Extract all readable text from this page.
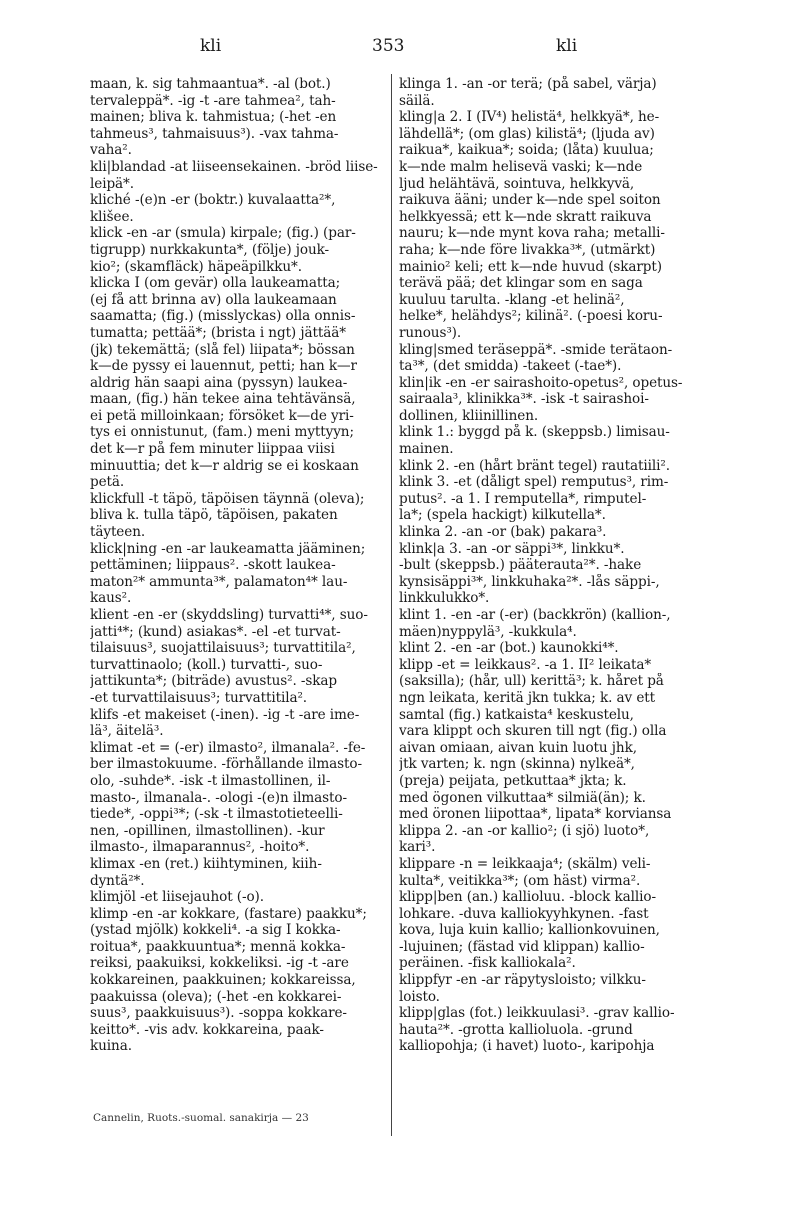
kli	353	kli
maan, k. sig tahmaantua*. -al (bot.)
tervaleppä*. -ig -t -are tahmea², tah-
mainen; bliva k. tahmistua; (-het -en
tahmeus³, tahmaisuus³). -vax tahma-
vaha².
kli|blandad -at liiseensekainen. -bröd liise-
leipä*.
kliché -(e)n -er (boktr.) kuvalaatta²*,
klišee.
klick -en -ar (smula) kirpale; (fig.) (par-
tigrupp) nurkkakunta*, (följe) jouk-
kio²; (skamfläck) häpeäpilkku*.
klicka I (om gevär) olla laukeamatta;
(ej få att brinna av) olla laukeamaan
saamatta; (fig.) (misslyckas) olla onnis-
tumatta; pettää*; (brista i ngt) jättää*
(jk) tekemättä; (slå fel) liipata*; bössan
k—de pyssy ei lauennut, petti; han k—r
aldrig hän saapi aina (pyssyn) laukea-
maan, (fig.) hän tekee aina tehtävänsä,
ei petä milloinkaan; försöket k—de yri-
tys ei onnistunut, (fam.) meni myttyyn;
det k—r på fem minuter liippaa viisi
minuuttia; det k—r aldrig se ei koskaan
petä.
klickfull -t täpö, täpöisen täynnä (oleva);
bliva k. tulla täpö, täpöisen, pakaten
täyteen.
klick|ning -en -ar laukeamatta jääminen;
pettäminen; liippaus². -skott laukea-
maton²* ammunta³*, palamaton⁴* lau-
kaus².
klient -en -er (skyddsling) turvatti⁴*, suo-
jatti⁴*; (kund) asiakas*. -el -et turvat-
tilaisuus³, suojattilaisuus³; turvattitila²,
turvattinaolo; (koll.) turvatti-, suo-
jattikunta*; (biträde) avustus². -skap
-et turvattilaisuus³; turvattitila².
klifs -et makeiset (-inen). -ig -t -are ime-
lä³, äitelä³.
klimat -et = (-er) ilmasto², ilmanala². -fe-
ber ilmastokuume. -förhållande ilmasto-
olo, -suhde*. -isk -t ilmastollinen, il-
masto-, ilmanala-. -ologi -(e)n ilmasto-
tiede*, -oppi³*; (-sk -t ilmastotieteelli-
nen, -opillinen, ilmastollinen). -kur
ilmasto-, ilmaparannus², -hoito*.
klimax -en (ret.) kiihtyminen, kiih-
dyntä²*.
klimjöl -et liisejauhot (-o).
klimp -en -ar kokkare, (fastare) paakku*;
(ystad mjölk) kokkeli⁴. -a sig I kokka-
roitua*, paakkuuntua*; mennä kokka-
reiksi, paakuiksi, kokkeliksi. -ig -t -are
kokkareinen, paakkuinen; kokkareissa,
paakuissa (oleva); (-het -en kokkarei-
suus³, paakkuisuus³). -soppa kokkare-
keitto*. -vis adv. kokkareina, paak-
kuina.
klinga 1. -an -or terä; (på sabel, värja)
säilä.
kling|a 2. I (IV⁴) helistä⁴, helkkyä*, he-
lähdellä*; (om glas) kilistä⁴; (ljuda av)
raikua*, kaikua*; soida; (låta) kuulua;
k—nde malm helisevä vaski; k—nde
ljud helähtävä, sointuva, helkkyvä,
raikuva ääni; under k—nde spel soiton
helkkyessä; ett k—nde skratt raikuva
nauru; k—nde mynt kova raha; metalli-
raha; k—nde före livakka³*, (utmärkt)
mainio² keli; ett k—nde huvud (skarpt)
terävä pää; det klingar som en saga
kuuluu tarulta. -klang -et helinä²,
helke*, helähdys²; kilinä². (-poesi koru-
runous³).
kling|smed teräseppä*. -smide terätaon-
ta³*, (det smidda) -takeet (-tae*).
klin|ik -en -er sairashoito-opetus², opetus-
sairaala³, klinikka³*. -isk -t sairashoi-
dollinen, kliinillinen.
klink 1.: byggd på k. (skeppsb.) limisau-
mainen.
klink 2. -en (hårt bränt tegel) rautatiili².
klink 3. -et (dåligt spel) remputus³, rim-
putus². -a 1. I remputella*, rimputel-
la*; (spela hackigt) kilkutella*.
klinka 2. -an -or (bak) pakara³.
klink|a 3. -an -or säppi³*, linkku*.
-bult (skeppsb.) pääterauta²*. -hake
kynsisäppi³*, linkkuhaka²*. -lås säppi-,
linkkulukko*.
klint 1. -en -ar (-er) (backkrön) (kallion-,
mäen)nyppylä³, -kukkula⁴.
klint 2. -en -ar (bot.) kaunokki⁴*.
klipp -et = leikkaus². -a 1. II² leikata*
(saksilla); (hår, ull) kerittä³; k. håret på
ngn leikata, keritä jkn tukka; k. av ett
samtal (fig.) katkaista⁴ keskustelu,
vara klippt och skuren till ngt (fig.) olla
aivan omiaan, aivan kuin luotu jhk,
jtk varten; k. ngn (skinna) nylkeä*,
(preja) peijata, petkuttaa* jkta; k.
med ögonen vilkuttaa* silmiä(än); k.
med öronen liipottaa*, lipata* korviansa
klippa 2. -an -or kallio²; (i sjö) luoto*,
kari³.
klippare -n = leikkaaja⁴; (skälm) veli-
kulta*, veitikka³*; (om häst) virma².
klipp|ben (an.) kallioluu. -block kallio-
lohkare. -duva kalliokyyhkynen. -fast
kova, luja kuin kallio; kallionkovuinen,
-lujuinen; (fästad vid klippan) kallio-
peräinen. -fisk kalliokala².
klippfyr -en -ar räpytysloisto; vilkku-
loisto.
klipp|glas (fot.) leikkuulasi³. -grav kallio-
hauta²*. -grotta kallioluola. -grund
kalliopohja; (i havet) luoto-, karipohja
Cannelin, Ruots.-suomal. sanakirja — 23
